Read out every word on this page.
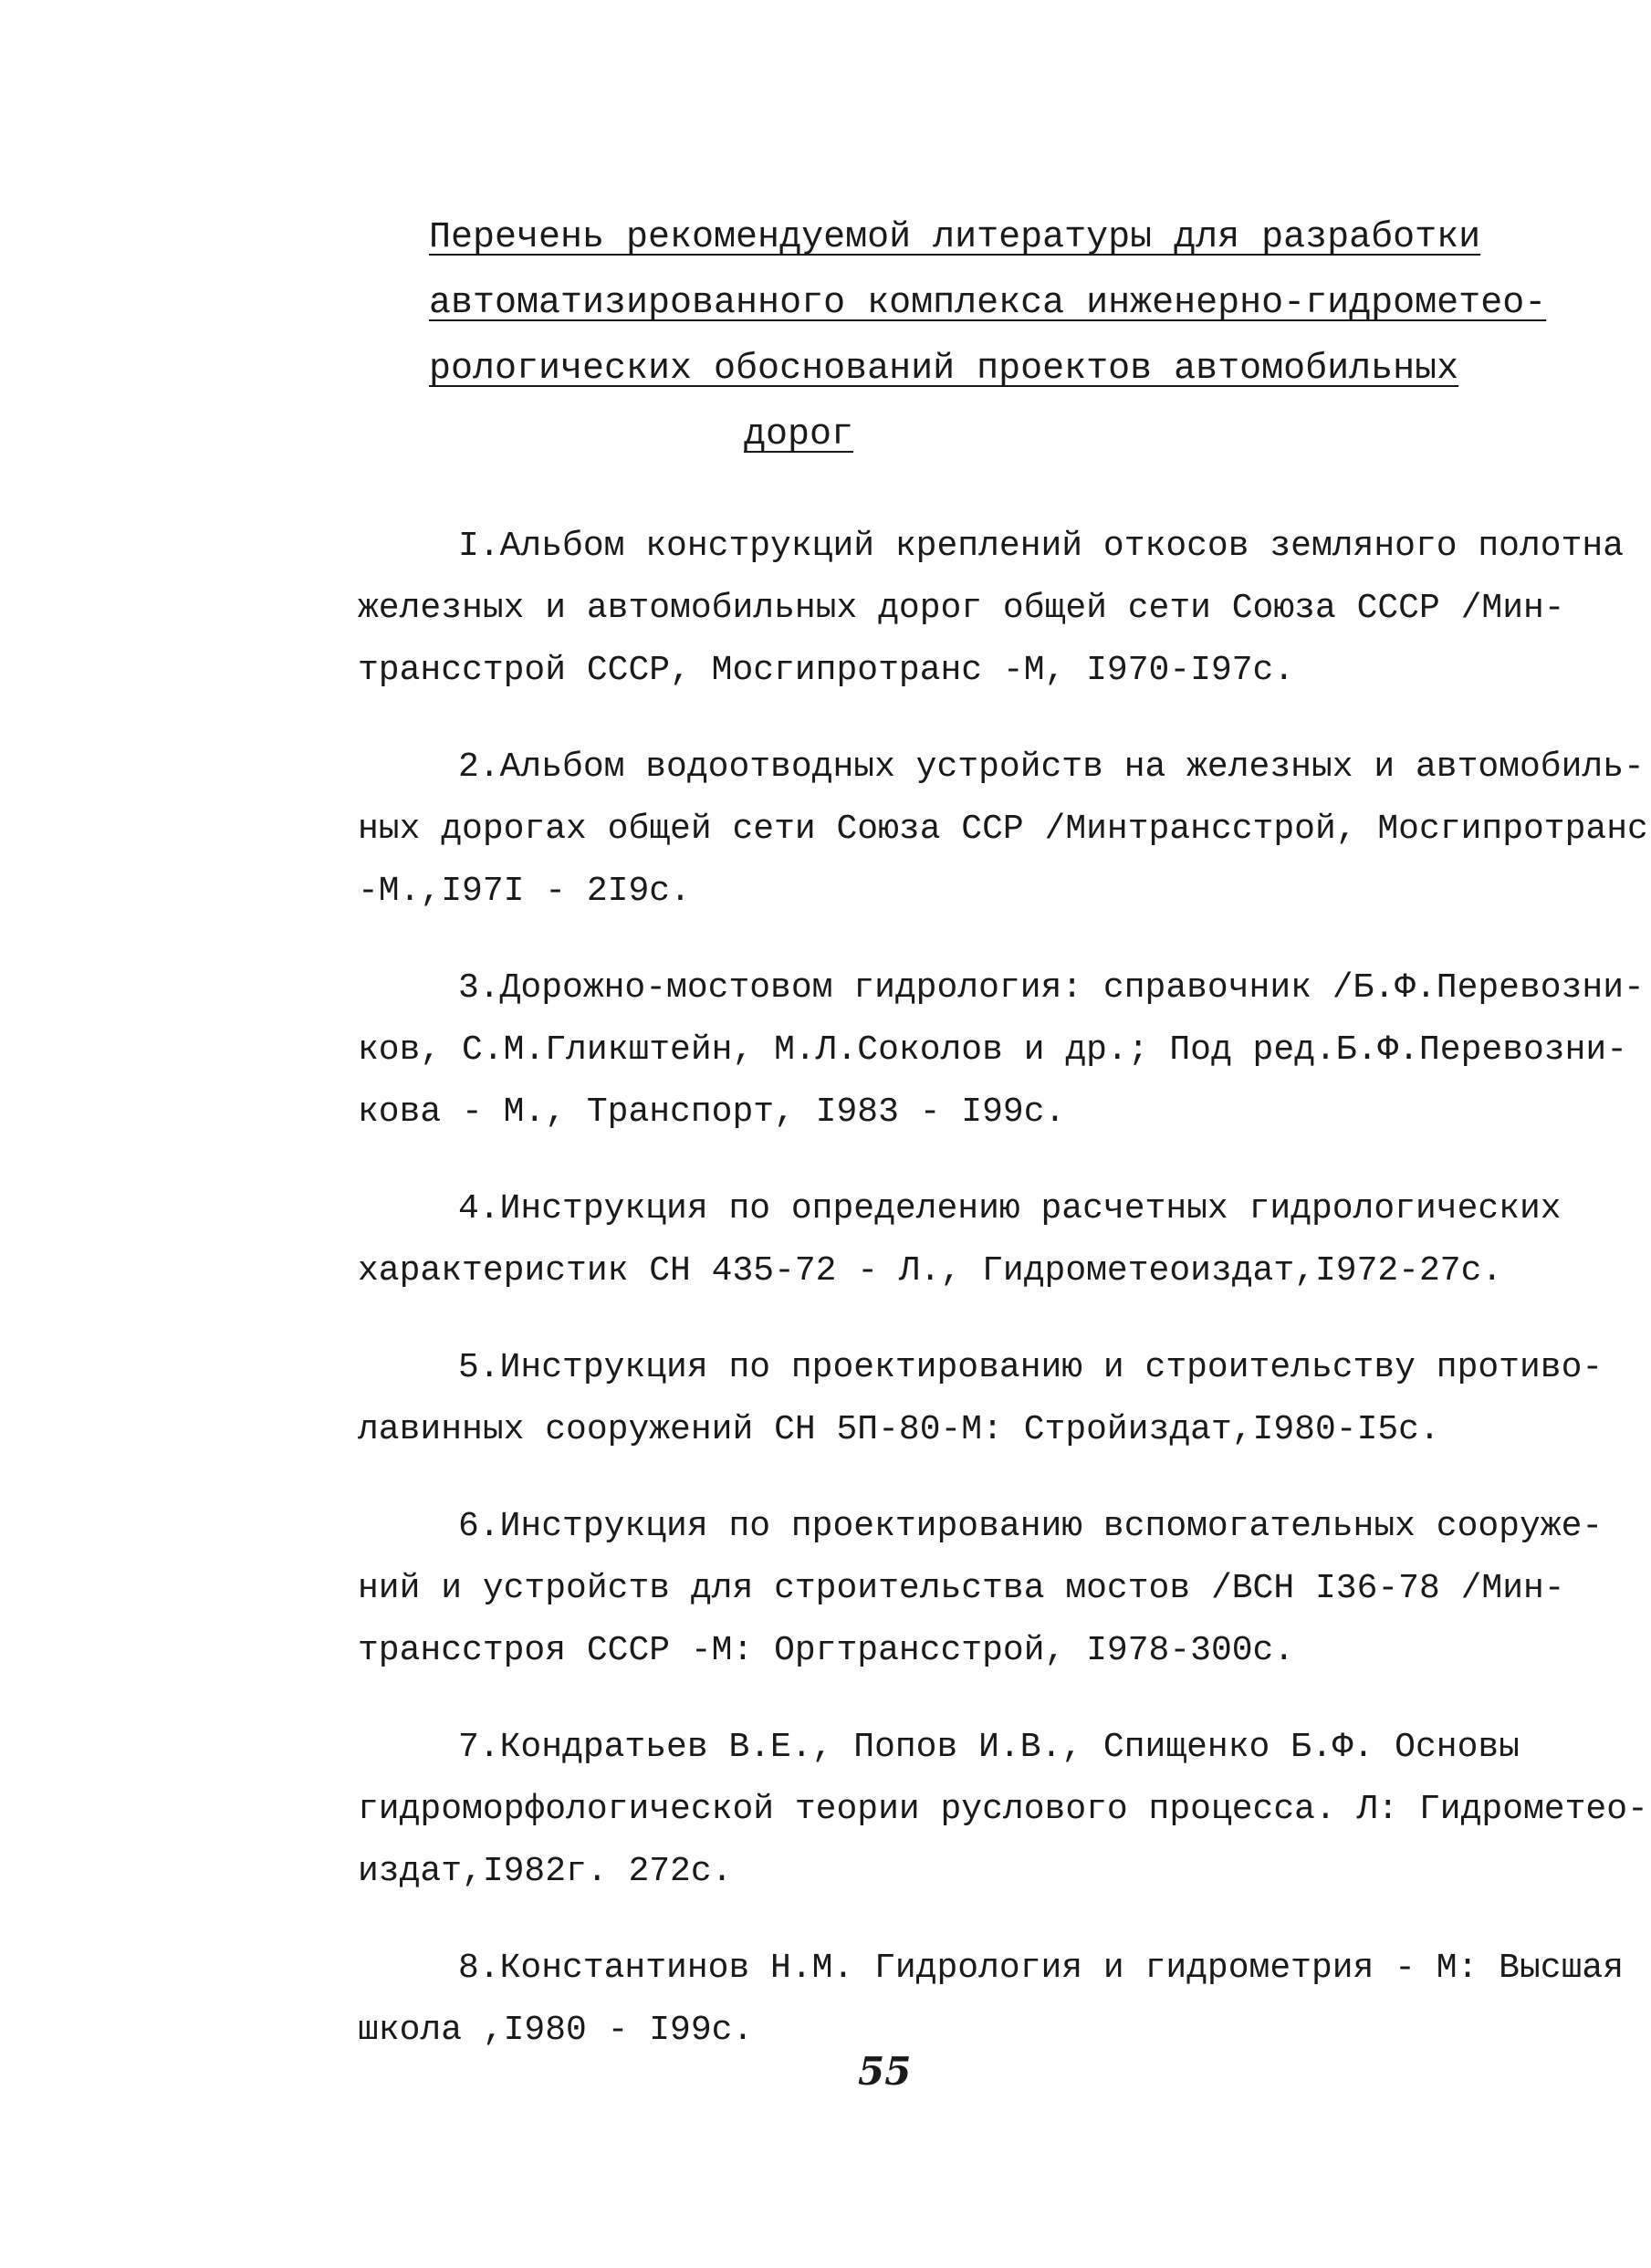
Перечень рекомендуемой литературы для разработки
автоматизированного комплекса инженерно-гидрометео-
рологических обоснований проектов автомобильных
дорог
I.Альбом конструкций креплений откосов земляного полотна
железных и автомобильных дорог общей сети Союза СССР /Мин-
трансстрой СССР, Мосгипротранс -М, I970-I97с.
2.Альбом водоотводных устройств на железных и автомобиль-
ных дорогах общей сети Союза ССР /Минтрансстрой, Мосгипротранс
-М.,I97I - 2I9с.
3.Дорожно-мостовом гидрология: справочник /Б.Ф.Перевозни-
ков, С.М.Гликштейн, М.Л.Соколов и др.; Под ред.Б.Ф.Перевозни-
кова - М., Транспорт, I983 - I99с.
4.Инструкция по определению расчетных гидрологических
характеристик СН 435-72 - Л., Гидрометеоиздат,I972-27с.
5.Инструкция по проектированию и строительству противо-
лавинных сооружений СН 5П-80-М: Стройиздат,I980-I5с.
6.Инструкция по проектированию вспомогательных сооруже-
ний и устройств для строительства мостов /ВСН I36-78 /Мин-
трансстроя СССР -М: Оргтрансстрой, I978-300с.
7.Кондратьев В.Е., Попов И.В., Спищенко Б.Ф. Основы
гидроморфологической теории руслового процесса. Л: Гидрометео-
издат,I982г. 272с.
8.Константинов Н.М. Гидрология и гидрометрия - М: Высшая
школа ,I980 - I99с.
55
